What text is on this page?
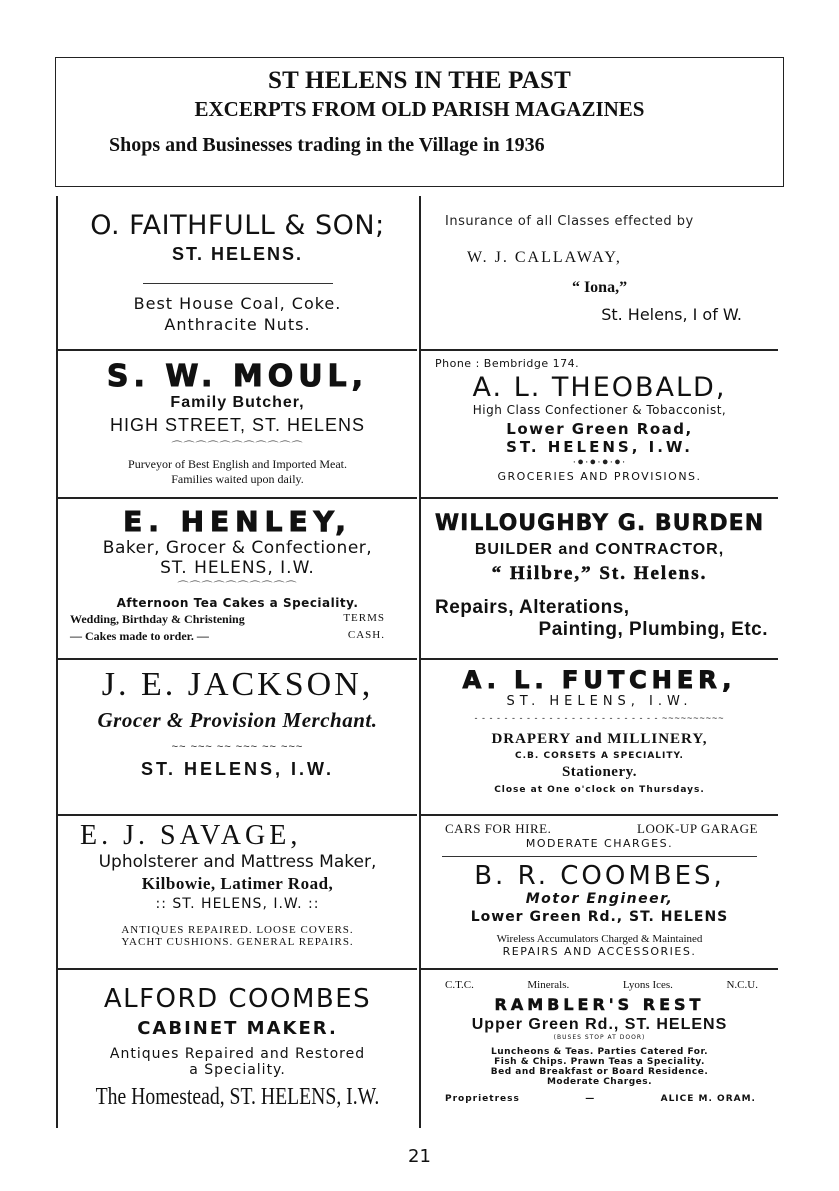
ST HELENS IN THE PAST
EXCERPTS FROM OLD PARISH MAGAZINES
Shops and Businesses trading in the Village in 1936
O. FAITHFULL & SON;
ST. HELENS.
Best House Coal, Coke.
Anthracite Nuts.
S. W. MOUL,
Family Butcher,
HIGH STREET, ST. HELENS
⌒⌒⌒⌒⌒⌒⌒⌒⌒⌒⌒
Purveyor of Best English and Imported Meat.
Families waited upon daily.
E. HENLEY,
Baker, Grocer & Confectioner,
ST. HELENS, I.W.
⌒⌒⌒⌒⌒⌒⌒⌒⌒⌒
Afternoon Tea Cakes a Speciality.
Wedding, Birthday & Christening	TERMS
— Cakes made to order. —	CASH.
J. E. JACKSON,
Grocer & Provision Merchant.
~~ ~~~ ~~ ~~~ ~~ ~~~
ST. HELENS, I.W.
E. J. SAVAGE,
Upholsterer and Mattress Maker,
Kilbowie, Latimer Road,
:: ST. HELENS, I.W. ::
ANTIQUES REPAIRED. LOOSE COVERS.
YACHT CUSHIONS. GENERAL REPAIRS.
ALFORD COOMBES
CABINET MAKER.
Antiques Repaired and Restored
a Speciality.
The Homestead, ST. HELENS, I.W.
Insurance of all Classes effected by
W. J. CALLAWAY,
“ Iona,”
St. Helens, I of W.
Phone : Bembridge 174.
A. L. THEOBALD,
High Class Confectioner & Tobacconist,
Lower Green Road,
ST. HELENS, I.W.
·●·●·●·●·
GROCERIES AND PROVISIONS.
WILLOUGHBY G. BURDEN
BUILDER and CONTRACTOR,
“ Hilbre,” St. Helens.
Repairs, Alterations,
Painting, Plumbing, Etc.
A. L. FUTCHER,
ST. HELENS, I.W.
- - - - - - - - - - - - - - - - - - - - - - - - - ~~~~~~~~~~
DRAPERY and MILLINERY,
C.B. CORSETS A SPECIALITY.
Stationery.
Close at One o'clock on Thursdays.
CARS FOR HIRE.	LOOK-UP GARAGE
MODERATE CHARGES.
B. R. COOMBES,
Motor Engineer,
Lower Green Rd., ST. HELENS
Wireless Accumulators Charged & Maintained
REPAIRS AND ACCESSORIES.
C.T.C.	Minerals.	Lyons Ices.	N.C.U.
RAMBLER'S REST
Upper Green Rd., ST. HELENS
(BUSES STOP AT DOOR)
Luncheons & Teas. Parties Catered For.
Fish & Chips. Prawn Teas a Speciality.
Bed and Breakfast or Board Residence.
Moderate Charges.
Proprietress	—	ALICE M. ORAM.
21
